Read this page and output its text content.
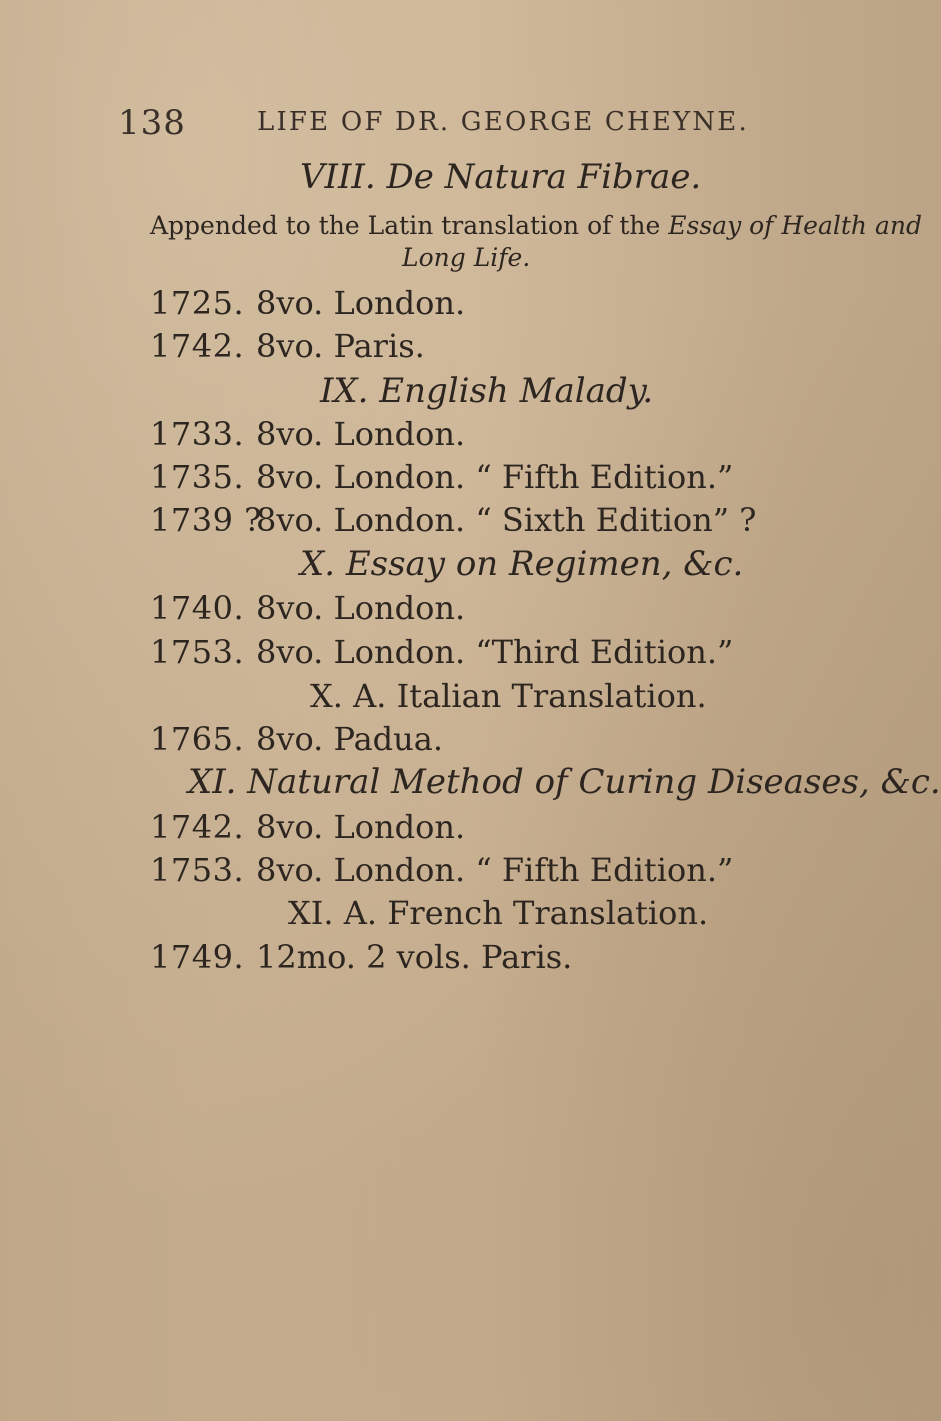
138	LIFE OF DR. GEORGE CHEYNE.
VIII. De Natura Fibrae.
Appended to the Latin translation of the Essay of Health and
Long Life.
1725. 8vo. London.
1742. 8vo. Paris.
IX. English Malady.
1733. 8vo. London.
1735. 8vo. London. “ Fifth Edition.”
1739 ?8vo. London. “ Sixth Edition” ?
X. Essay on Regimen, &c.
1740. 8vo. London.
1753. 8vo. London. “Third Edition.”
X. A. Italian Translation.
1765. 8vo. Padua.
XI. Natural Method of Curing Diseases, &c.
1742. 8vo. London.
1753. 8vo. London. “ Fifth Edition.”
XI. A. French Translation.
1749. 12mo. 2 vols. Paris.
